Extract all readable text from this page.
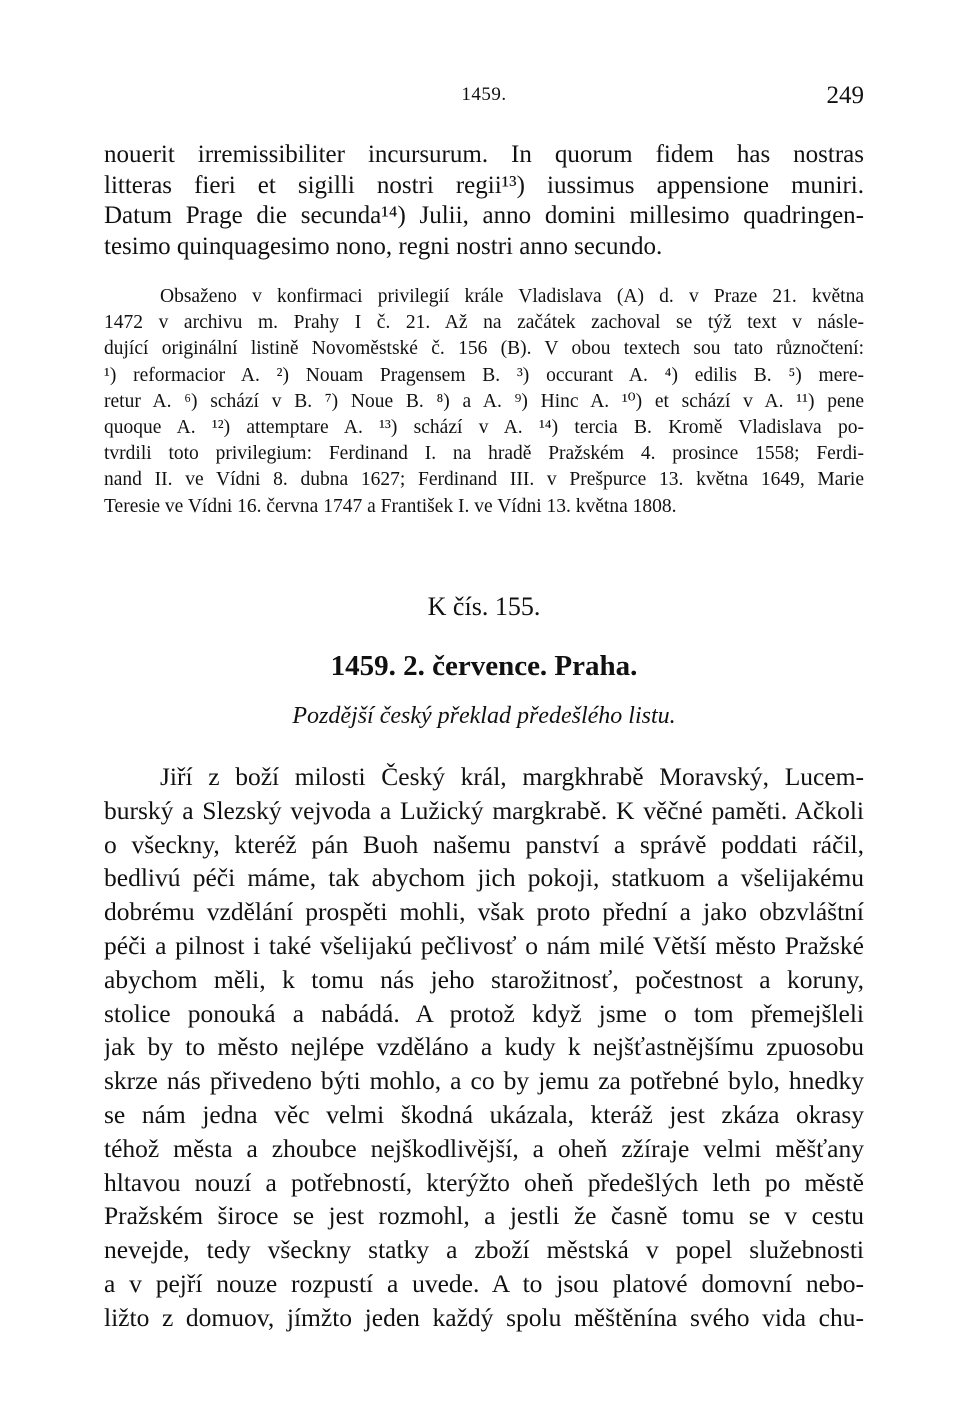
1459.	249
nouerit irremissibiliter incursurum. In quorum fidem has nostras
litteras fieri et sigilli nostri regii¹³) iussimus appensione muniri.
Datum Prage die secunda¹⁴) Julii, anno domini millesimo quadringen-
tesimo quinquagesimo nono, regni nostri anno secundo.
Obsaženo v konfirmaci privilegií krále Vladislava (A) d. v Praze 21. května
1472 v archivu m. Prahy I č. 21. Až na začátek zachoval se týž text v násle-
dující originální listině Novoměstské č. 156 (B). V obou textech sou tato různočtení:
¹) reformacior A. ²) Nouam Pragensem B. ³) occurant A. ⁴) edilis B. ⁵) mere-
retur A. ⁶) schází v B. ⁷) Noue B. ⁸) a A. ⁹) Hinc A. ¹⁰) et schází v A. ¹¹) pene
quoque A. ¹²) attemptare A. ¹³) schází v A. ¹⁴) tercia B. Kromě Vladislava po-
tvrdili toto privilegium: Ferdinand I. na hradě Pražském 4. prosince 1558; Ferdi-
nand II. ve Vídni 8. dubna 1627; Ferdinand III. v Prešpurce 13. května 1649, Marie
Teresie ve Vídni 16. června 1747 a František I. ve Vídni 13. května 1808.
K čís. 155.
1459. 2. července. Praha.
Pozdější český překlad předešlého listu.
Jiří z boží milosti Český král, margkhrabě Moravský, Lucem-
burský a Slezský vejvoda a Lužický margkrabě. K věčné paměti. Ačkoli
o všeckny, kteréž pán Buoh našemu panství a správě poddati ráčil,
bedlivú péči máme, tak abychom jich pokoji, statkuom a všelijakému
dobrému vzdělání prospěti mohli, však proto přední a jako obzvláštní
péči a pilnost i také všelijakú pečlivosť o nám milé Větší město Pražské
abychom měli, k tomu nás jeho starožitnosť, počestnost a koruny,
stolice ponouká a nabádá. A protož když jsme o tom přemejšleli
jak by to město nejlépe vzděláno a kudy k nejšťastnějšímu zpuosobu
skrze nás přivedeno býti mohlo, a co by jemu za potřebné bylo, hnedky
se nám jedna věc velmi škodná ukázala, kteráž jest zkáza okrasy
téhož města a zhoubce nejškodlivější, a oheň zžíraje velmi měšťany
hltavou nouzí a potřebností, kterýžto oheň předešlých leth po městě
Pražském široce se jest rozmohl, a jestli že časně tomu se v cestu
nevejde, tedy všeckny statky a zboží městská v popel služebnosti
a v pejří nouze rozpustí a uvede. A to jsou platové domovní nebo-
ližto z domuov, jímžto jeden každý spolu měštěnína svého vida chu-
